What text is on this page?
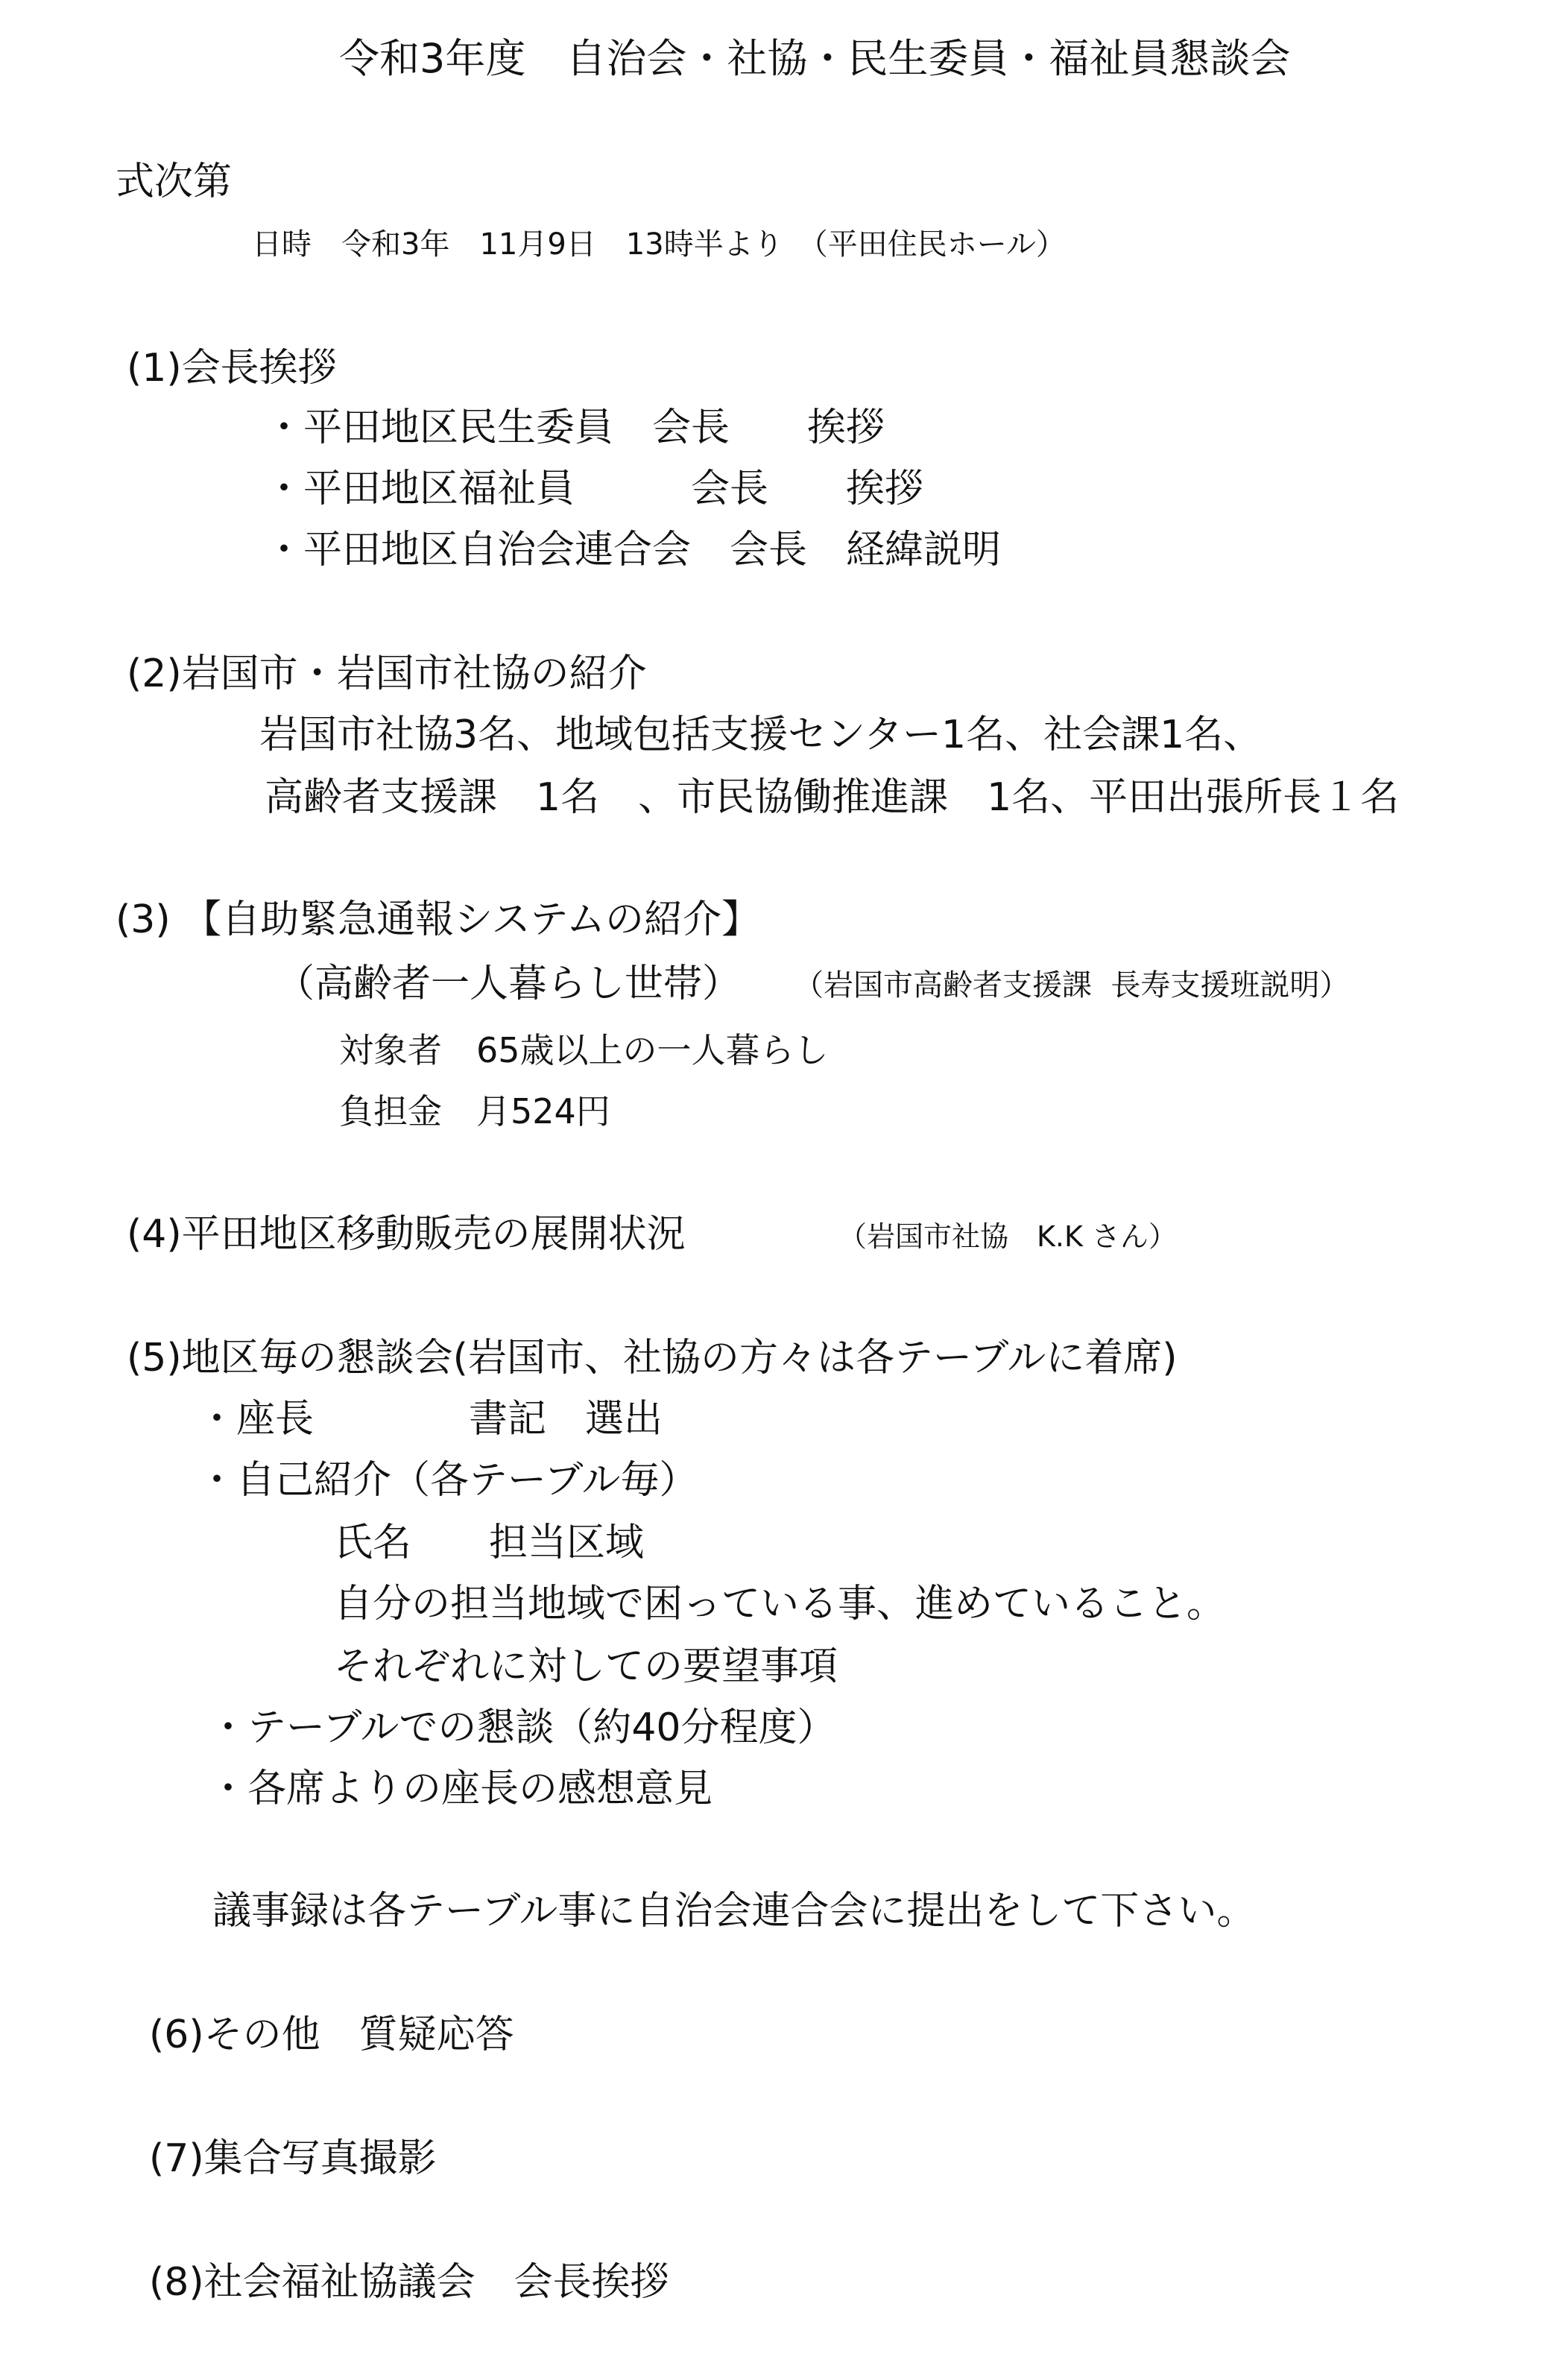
令和3年度　自治会・社協・民生委員・福祉員懇談会
式次第
日時　令和3年　11月9日　13時半より　（平田住民ホール）
(1)会長挨拶
・平田地区民生委員　会長　　挨拶
・平田地区福祉員　　　会長　　挨拶
・平田地区自治会連合会　会長　経緯説明
(2)岩国市・岩国市社協の紹介
岩国市社協3名、地域包括支援センター1名、社会課1名、
高齢者支援課　1名　、市民協働推進課　1名、平田出張所長１名
(3) 【自助緊急通報システムの紹介】
（高齢者一人暮らし世帯） （岩国市高齢者支援課  長寿支援班説明）
対象者　65歳以上の一人暮らし
負担金　月524円
(4)平田地区移動販売の展開状況	（岩国市社協　K.K さん）
(5)地区毎の懇談会(岩国市、社協の方々は各テーブルに着席)
・座長　　　　書記　選出
・自己紹介（各テーブル毎）
氏名　　担当区域
自分の担当地域で困っている事、進めていること。
それぞれに対しての要望事項
・テーブルでの懇談（約40分程度）
・各席よりの座長の感想意見
議事録は各テーブル事に自治会連合会に提出をして下さい。
(6)その他　質疑応答
(7)集合写真撮影
(8)社会福祉協議会　会長挨拶
